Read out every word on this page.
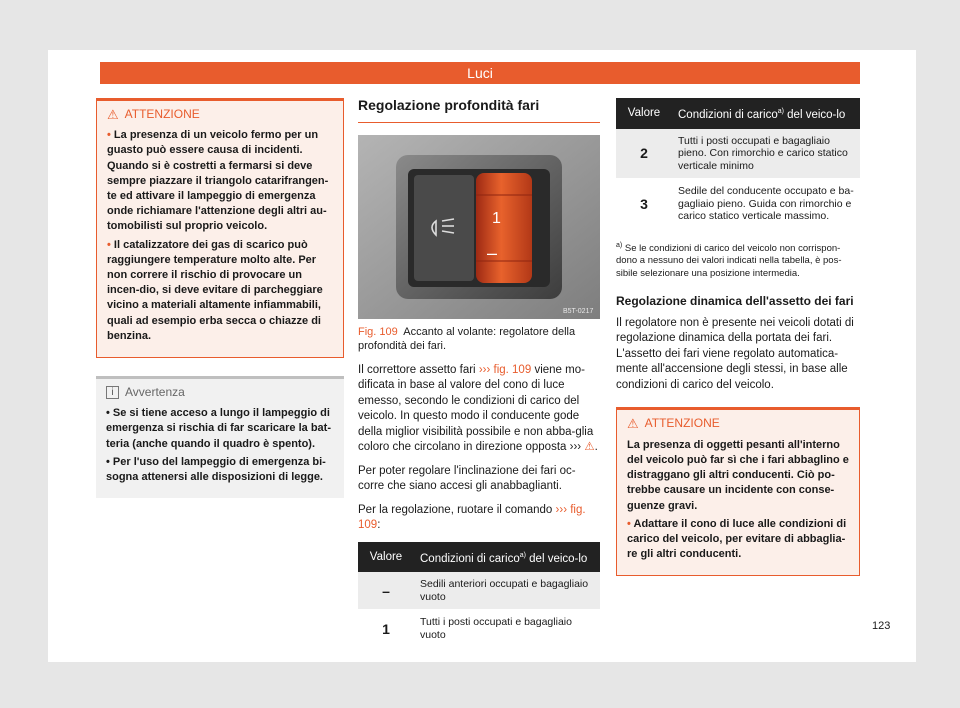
Luci
⚠ ATTENZIONE

• La presenza di un veicolo fermo per un guasto può essere causa di incidenti. Quando si è costretti a fermarsi si deve sempre piazzare il triangolo catarifrangen-te ed attivare il lampeggio di emergenza onde richiamare l'attenzione degli altri au-tomobilisti sul proprio veicolo.

• Il catalizzatore dei gas di scarico può raggiungere temperature molto alte. Per non correre il rischio di provocare un incen-dio, si deve evitare di parcheggiare vicino a materiali altamente infiammabili, quali ad esempio erba secca o chiazze di benzina.

i
Avvertenza

• Se si tiene acceso a lungo il lampeggio di emergenza si rischia di far scaricare la bat-teria (anche quando il quadro è spento).

• Per l'uso del lampeggio di emergenza bi-sogna attenersi alle disposizioni di legge.

Regolazione profondità fari
1
–
B5T-0217
Fig. 109 Accanto al volante: regolatore della profondità dei fari.

Il correttore assetto fari ››› fig. 109 viene mo-dificata in base al valore del cono di luce emesso, secondo le condizioni di carico del veicolo. In questo modo il conducente gode della miglior visibilità possibile e non abba-glia coloro che circolano in direzione opposta ››› ⚠.

Per poter regolare l'inclinazione dei fari oc-corre che siano accesi gli anabbaglianti.

Per la regolazione, ruotare il comando ››› fig. 109:

Valore	Condizioni di carico$^{a)}$ del veico-lo
–	Sedili anteriori occupati e bagagliaio vuoto
1	Tutti i posti occupati e bagagliaio vuoto
Valore	Condizioni di carico$^{a)}$ del veico-lo
2	Tutti i posti occupati e bagagliaio pieno. Con rimorchio e carico statico verticale minimo
3	Sedile del conducente occupato e ba-gagliaio pieno. Guida con rimorchio e carico statico verticale massimo.
$^{a)}$ Se le condizioni di carico del veicolo non corrispon-dono a nessuno dei valori indicati nella tabella, è pos-sibile selezionare una posizione intermedia.
Regolazione dinamica dell'assetto dei fari

Il regolatore non è presente nei veicoli dotati di regolazione dinamica della portata dei fari. L'assetto dei fari viene regolato automatica-mente all'accensione degli stessi, in base alle condizioni di carico del veicolo.

⚠ ATTENZIONE

La presenza di oggetti pesanti all'interno del veicolo può far sì che i fari abbaglino e distraggano gli altri conducenti. Ciò po-trebbe causare un incidente con conse-guenze gravi.

• Adattare il cono di luce alle condizioni di carico del veicolo, per evitare di abbaglia-re gli altri conducenti.

123
